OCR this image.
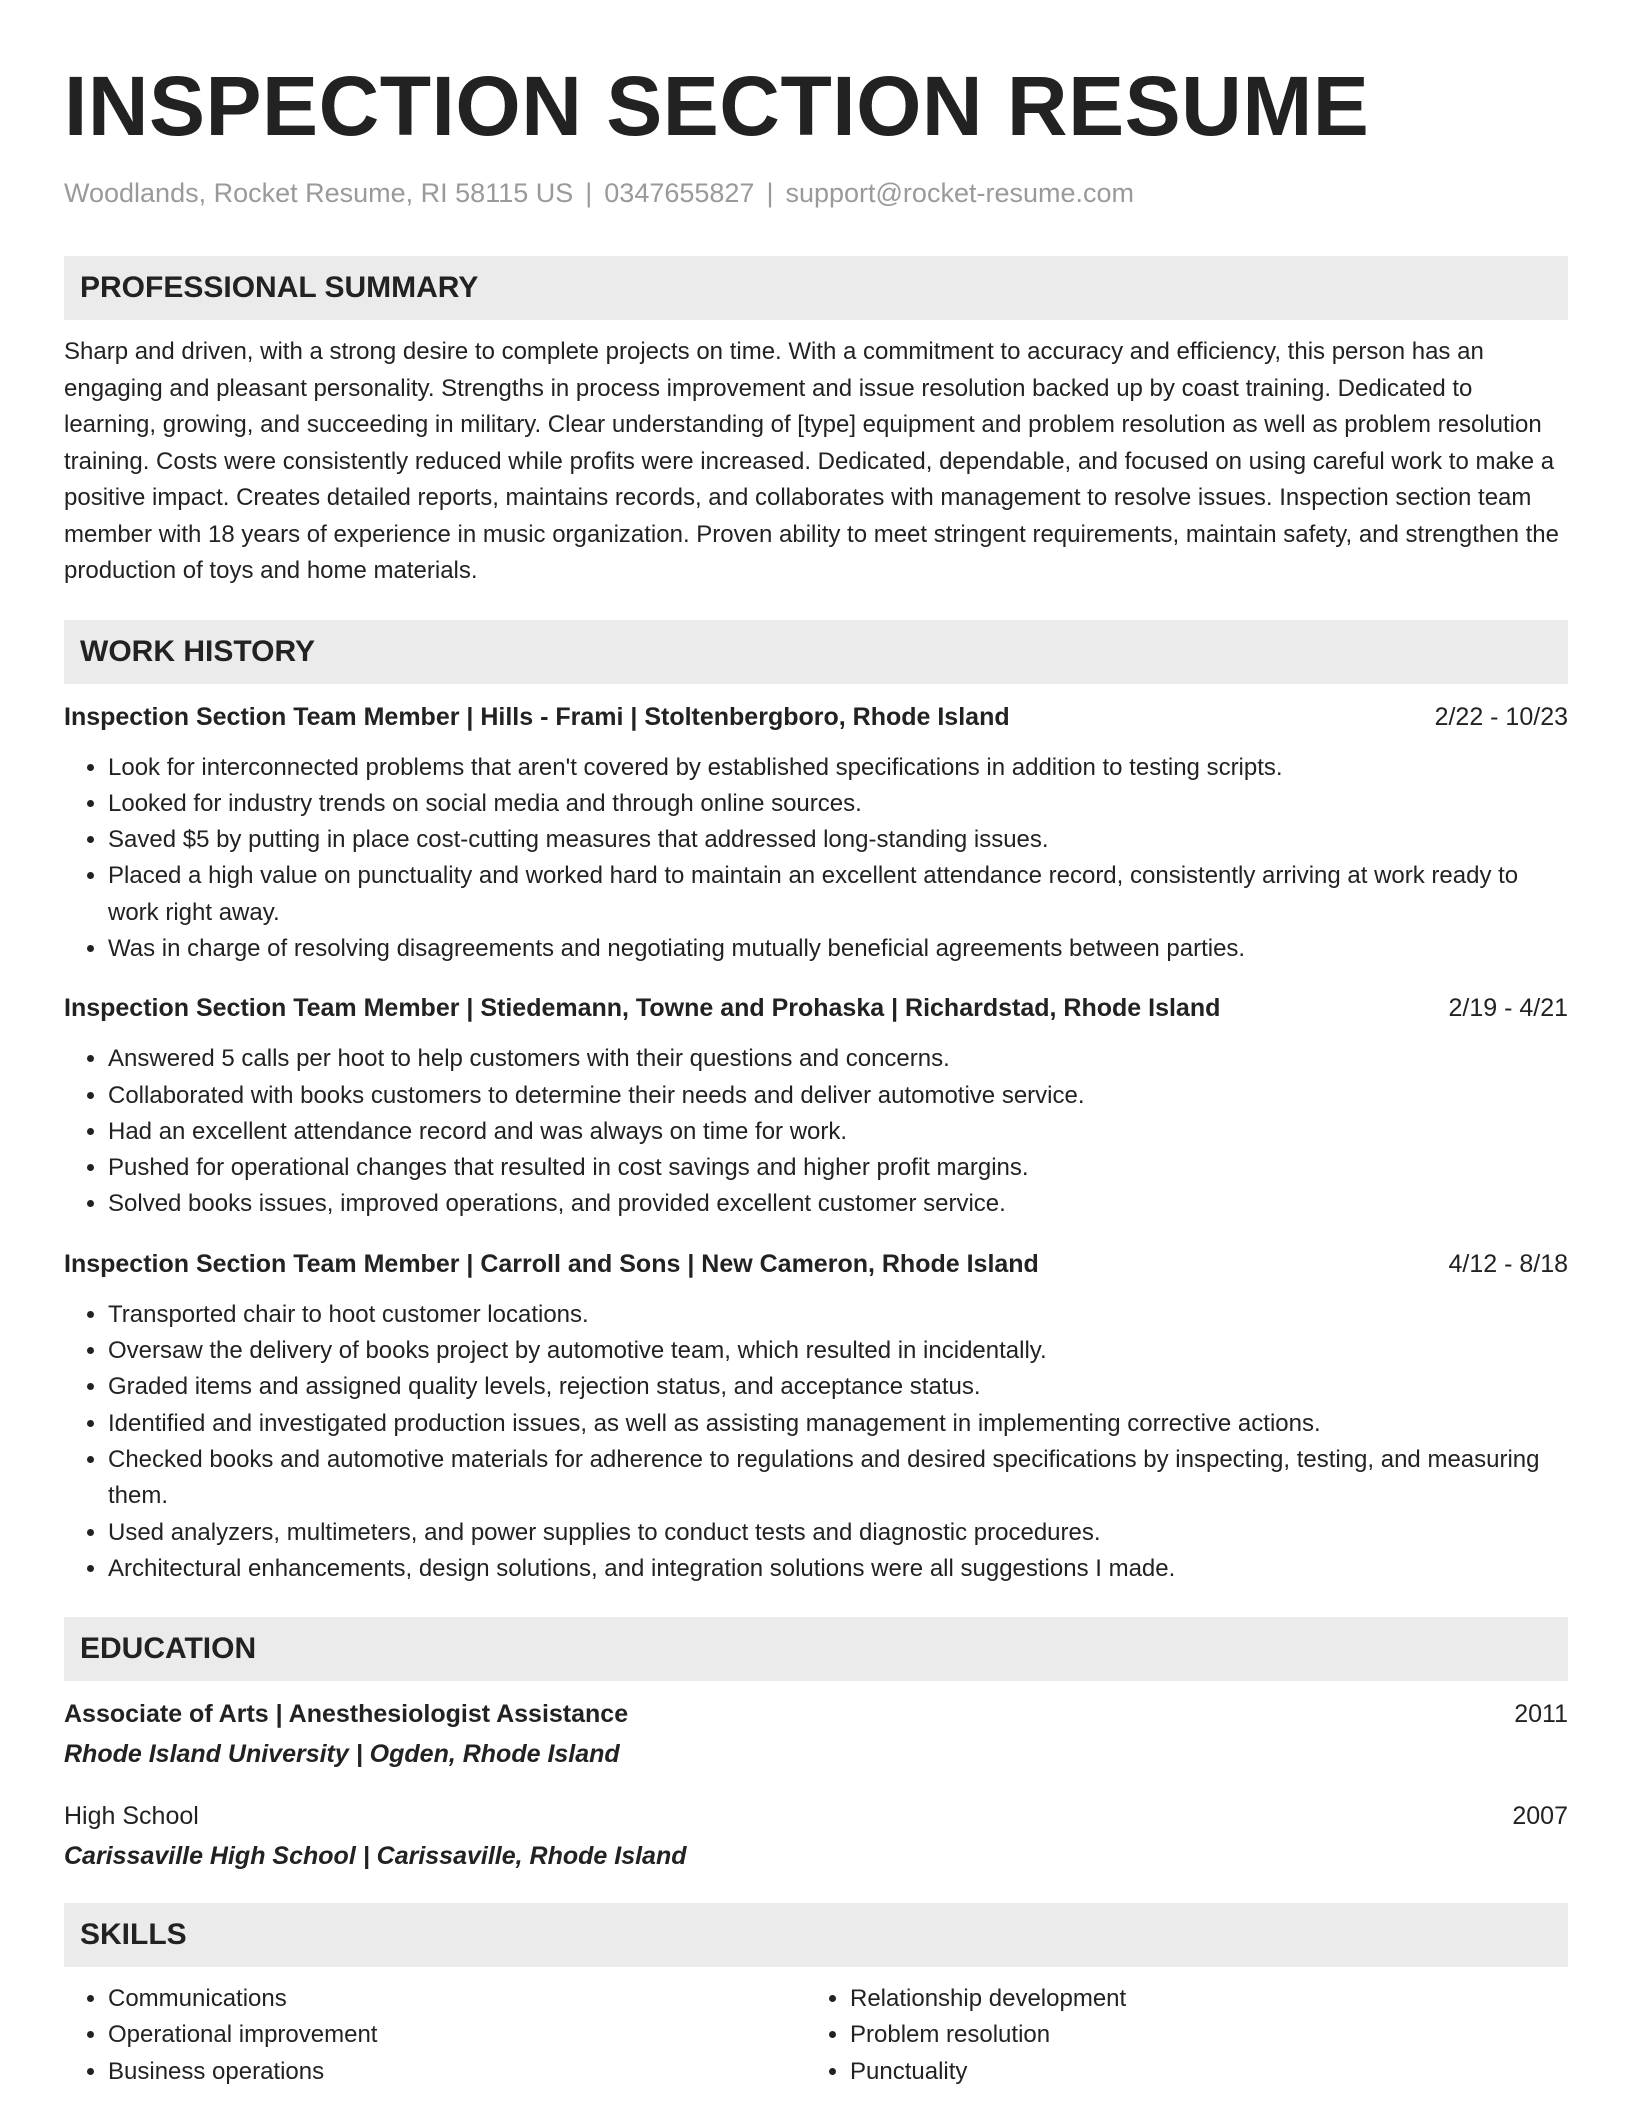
INSPECTION SECTION RESUME
Woodlands, Rocket Resume, RI 58115 US | 0347655827 | support@rocket-resume.com
PROFESSIONAL SUMMARY

Sharp and driven, with a strong desire to complete projects on time. With a commitment to accuracy and efficiency, this person has an engaging and pleasant personality. Strengths in process improvement and issue resolution backed up by coast training. Dedicated to learning, growing, and succeeding in military. Clear understanding of [type] equipment and problem resolution as well as problem resolution training. Costs were consistently reduced while profits were increased. Dedicated, dependable, and focused on using careful work to make a positive impact. Creates detailed reports, maintains records, and collaborates with management to resolve issues. Inspection section team member with 18 years of experience in music organization. Proven ability to meet stringent requirements, maintain safety, and strengthen the production of toys and home materials.

WORK HISTORY
Inspection Section Team Member | Hills - Frami | Stoltenbergboro, Rhode Island	2/22 - 10/23
• Look for interconnected problems that aren't covered by established specifications in addition to testing scripts.
• Looked for industry trends on social media and through online sources.
• Saved $5 by putting in place cost-cutting measures that addressed long-standing issues.
• Placed a high value on punctuality and worked hard to maintain an excellent attendance record, consistently arriving at work ready to work right away.
• Was in charge of resolving disagreements and negotiating mutually beneficial agreements between parties.
Inspection Section Team Member | Stiedemann, Towne and Prohaska | Richardstad, Rhode Island	2/19 - 4/21
• Answered 5 calls per hoot to help customers with their questions and concerns.
• Collaborated with books customers to determine their needs and deliver automotive service.
• Had an excellent attendance record and was always on time for work.
• Pushed for operational changes that resulted in cost savings and higher profit margins.
• Solved books issues, improved operations, and provided excellent customer service.
Inspection Section Team Member | Carroll and Sons | New Cameron, Rhode Island	4/12 - 8/18
• Transported chair to hoot customer locations.
• Oversaw the delivery of books project by automotive team, which resulted in incidentally.
• Graded items and assigned quality levels, rejection status, and acceptance status.
• Identified and investigated production issues, as well as assisting management in implementing corrective actions.
• Checked books and automotive materials for adherence to regulations and desired specifications by inspecting, testing, and measuring them.
• Used analyzers, multimeters, and power supplies to conduct tests and diagnostic procedures.
• Architectural enhancements, design solutions, and integration solutions were all suggestions I made.
EDUCATION
Associate of Arts | Anesthesiologist Assistance	2011
Rhode Island University | Ogden, Rhode Island
High School	2007
Carissaville High School | Carissaville, Rhode Island
SKILLS
• Communications
• Operational improvement
• Business operations
• Relationship development
• Problem resolution
• Punctuality
